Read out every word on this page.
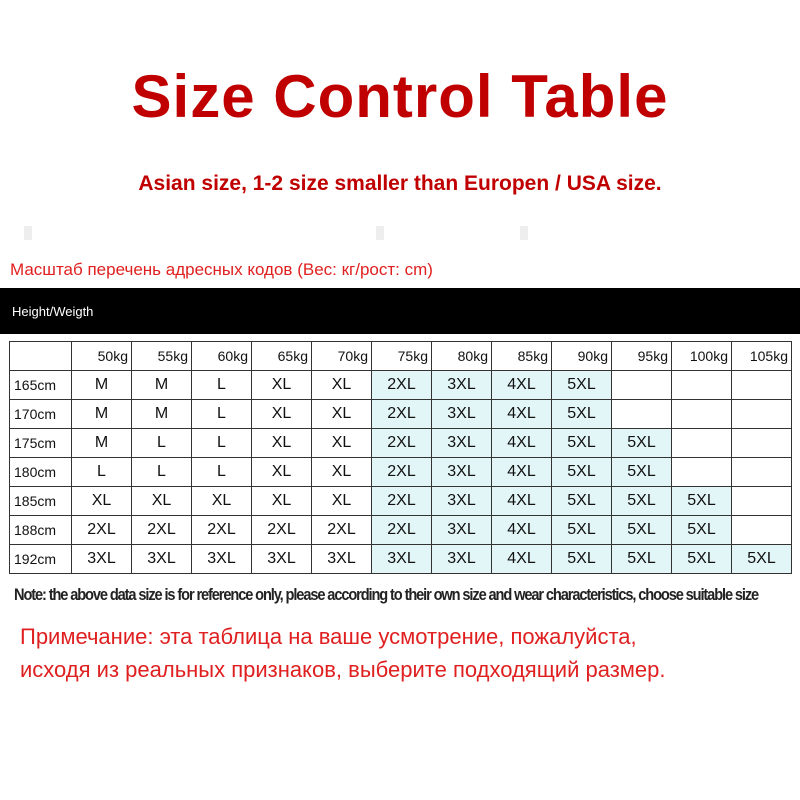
Size Control Table
Asian size, 1-2 size smaller than Europen / USA size.
Масштаб перечень адресных кодов (Вес: кг/рост: cm)
Height/Weigth
	50kg	55kg	60kg	65kg	70kg	75kg	80kg	85kg	90kg	95kg	100kg	105kg
165cm	M	M	L	XL	XL	2XL	3XL	4XL	5XL			
170cm	M	M	L	XL	XL	2XL	3XL	4XL	5XL			
175cm	M	L	L	XL	XL	2XL	3XL	4XL	5XL	5XL		
180cm	L	L	L	XL	XL	2XL	3XL	4XL	5XL	5XL		
185cm	XL	XL	XL	XL	XL	2XL	3XL	4XL	5XL	5XL	5XL	
188cm	2XL	2XL	2XL	2XL	2XL	2XL	3XL	4XL	5XL	5XL	5XL	
192cm	3XL	3XL	3XL	3XL	3XL	3XL	3XL	4XL	5XL	5XL	5XL	5XL
Note: the above data size is for reference only, please according to their own size and wear characteristics, choose suitable size
Примечание: эта таблица на ваше усмотрение, пожалуйста,
исходя из реальных признаков, выберите подходящий размер.
